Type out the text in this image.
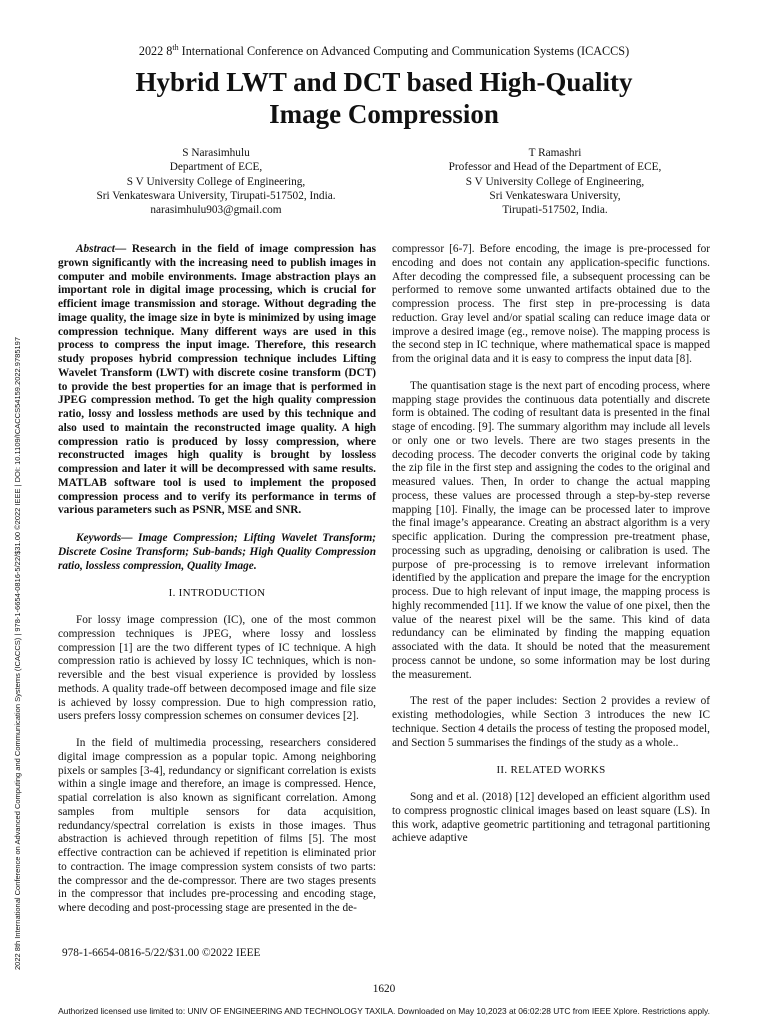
2022 8th International Conference on Advanced Computing and Communication Systems (ICACCS)
Hybrid LWT and DCT based High-Quality
Image Compression
S Narasimhulu
Department of ECE,
S V University College of Engineering,
Sri Venkateswara University, Tirupati-517502, India.
narasimhulu903@gmail.com
T Ramashri
Professor and Head of the Department of ECE,
S V University College of Engineering,
Sri Venkateswara University,
Tirupati-517502, India.
2022 8th International Conference on Advanced Computing and Communication Systems (ICACCS) | 978-1-6654-0816-5/22/$31.00 ©2022 IEEE | DOI: 10.1109/ICACCS54159.2022.9785197

Abstract— Research in the field of image compression has grown significantly with the increasing need to publish images in computer and mobile environments. Image abstraction plays an important role in digital image processing, which is crucial for efficient image transmission and storage. Without degrading the image quality, the image size in byte is minimized by using image compression technique. Many different ways are used in this process to compress the input image. Therefore, this research study proposes hybrid compression technique includes Lifting Wavelet Transform (LWT) with discrete cosine transform (DCT) to provide the best properties for an image that is performed in JPEG compression method. To get the high quality compression ratio, lossy and lossless methods are used by this technique and also used to maintain the reconstructed image quality. A high compression ratio is produced by lossy compression, where reconstructed images high quality is brought by lossless compression and later it will be decompressed with same results. MATLAB software tool is used to implement the proposed compression process and to verify its performance in terms of various parameters such as PSNR, MSE and SNR.

Keywords— Image Compression; Lifting Wavelet Transform; Discrete Cosine Transform; Sub-bands; High Quality Compression ratio, lossless compression, Quality Image.

I. INTRODUCTION

For lossy image compression (IC), one of the most common compression techniques is JPEG, where lossy and lossless compression [1] are the two different types of IC technique. A high compression ratio is achieved by lossy IC techniques, which is non-reversible and the best visual experience is provided by lossless methods. A quality trade-off between decomposed image and file size is achieved by lossy compression. Due to high compression ratio, users prefers lossy compression schemes on consumer devices [2].

In the field of multimedia processing, researchers considered digital image compression as a popular topic. Among neighboring pixels or samples [3-4], redundancy or significant correlation is exists within a single image and therefore, an image is compressed. Hence, spatial correlation is also known as significant correlation. Among samples from multiple sensors for data acquisition, redundancy/spectral correlation is exists in those images. Thus abstraction is achieved through repetition of films [5]. The most effective contraction can be achieved if repetition is eliminated prior to contraction. The image compression system consists of two parts: the compressor and the de-compressor. There are two stages presents in the compressor that includes pre-processing and encoding stage, where decoding and post-processing stage are presented in the de-

compressor [6-7]. Before encoding, the image is pre-processed for encoding and does not contain any application-specific functions. After decoding the compressed file, a subsequent processing can be performed to remove some unwanted artifacts obtained due to the compression process. The first step in pre-processing is data reduction. Gray level and/or spatial scaling can reduce image data or improve a desired image (eg., remove noise). The mapping process is the second step in IC technique, where mathematical space is mapped from the original data and it is easy to compress the input data [8].

The quantisation stage is the next part of encoding process, where mapping stage provides the continuous data potentially and discrete form is obtained. The coding of resultant data is presented in the final stage of encoding. [9]. The summary algorithm may include all levels or only one or two levels. There are two stages presents in the decoding process. The decoder converts the original code by taking the zip file in the first step and assigning the codes to the original and measured values. Then, In order to change the actual mapping process, these values are processed through a step-by-step reverse mapping [10]. Finally, the image can be processed later to improve the final image’s appearance. Creating an abstract algorithm is a very specific application. During the compression pre-treatment phase, processing such as upgrading, denoising or calibration is used. The purpose of pre-processing is to remove irrelevant information identified by the application and prepare the image for the encryption process. Due to high relevant of input image, the mapping process is highly recommended [11]. If we know the value of one pixel, then the value of the nearest pixel will be the same. This kind of data redundancy can be eliminated by finding the mapping equation associated with the data. It should be noted that the measurement process cannot be undone, so some information may be lost during the measurement.

The rest of the paper includes: Section 2 provides a review of existing methodologies, while Section 3 introduces the new IC technique. Section 4 details the process of testing the proposed model, and Section 5 summarises the findings of the study as a whole..

II. RELATED WORKS

Song and et al. (2018) [12] developed an efficient algorithm used to compress prognostic clinical images based on least square (LS). In this work, adaptive geometric partitioning and tetragonal partitioning achieve adaptive

978-1-6654-0816-5/22/$31.00 ©2022 IEEE
1620
Authorized licensed use limited to: UNIV OF ENGINEERING AND TECHNOLOGY TAXILA. Downloaded on May 10,2023 at 06:02:28 UTC from IEEE Xplore. Restrictions apply.
